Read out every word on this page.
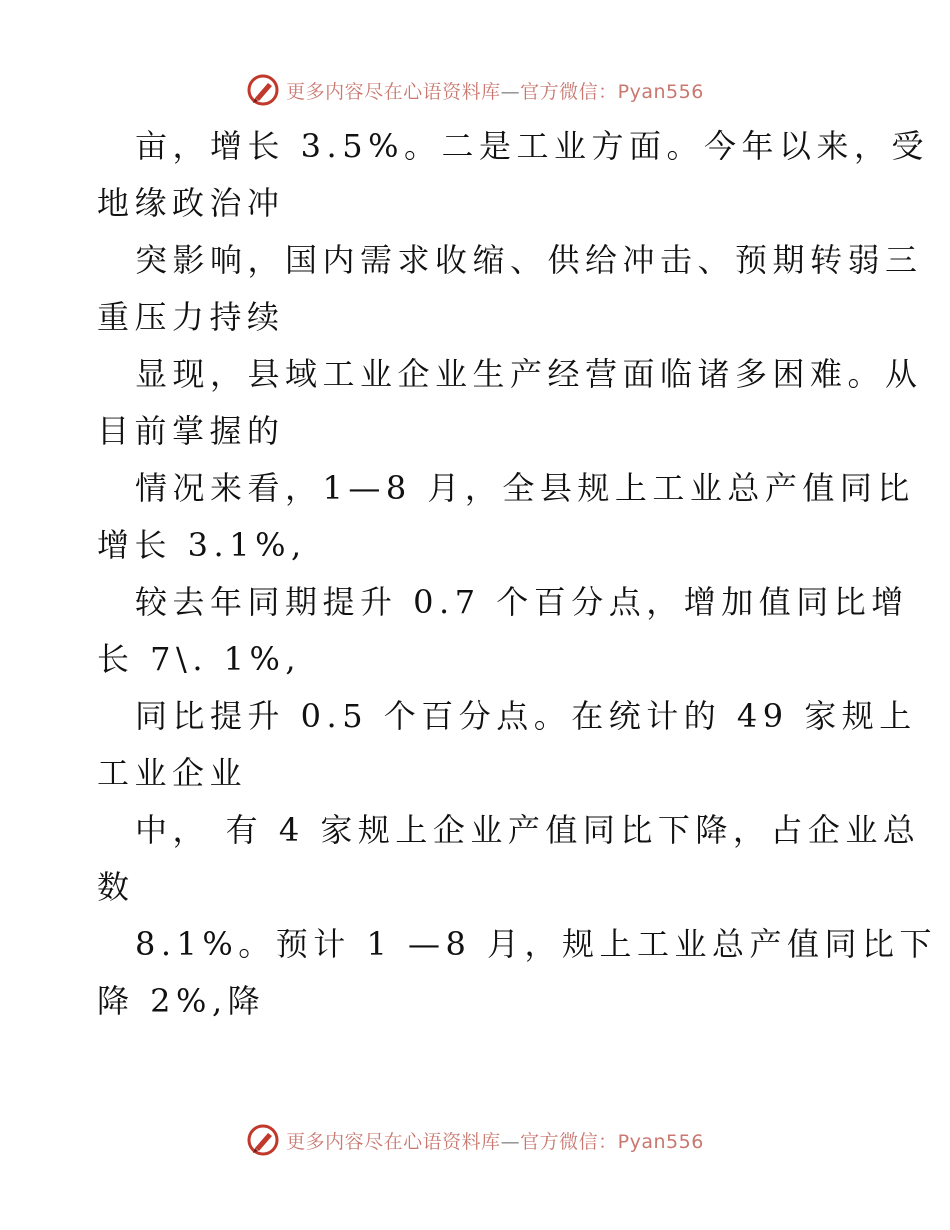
更多内容尽在心语资料库—官方微信：Pyan556
亩，增长 3.5%。二是工业方面。今年以来，受
地缘政治冲
突影响，国内需求收缩、供给冲击、预期转弱三
重压力持续
显现，县域工业企业生产经营面临诸多困难。从
目前掌握的
情况来看，1—8 月，全县规上工业总产值同比
增长 3.1%,
较去年同期提升 0.7 个百分点，增加值同比增
长 7\. 1%,
同比提升 0.5 个百分点。在统计的 49 家规上
工业企业
中， 有 4 家规上企业产值同比下降，占企业总
数
8.1%。预计 1 —8 月，规上工业总产值同比下
降 2%,降
更多内容尽在心语资料库—官方微信：Pyan556
